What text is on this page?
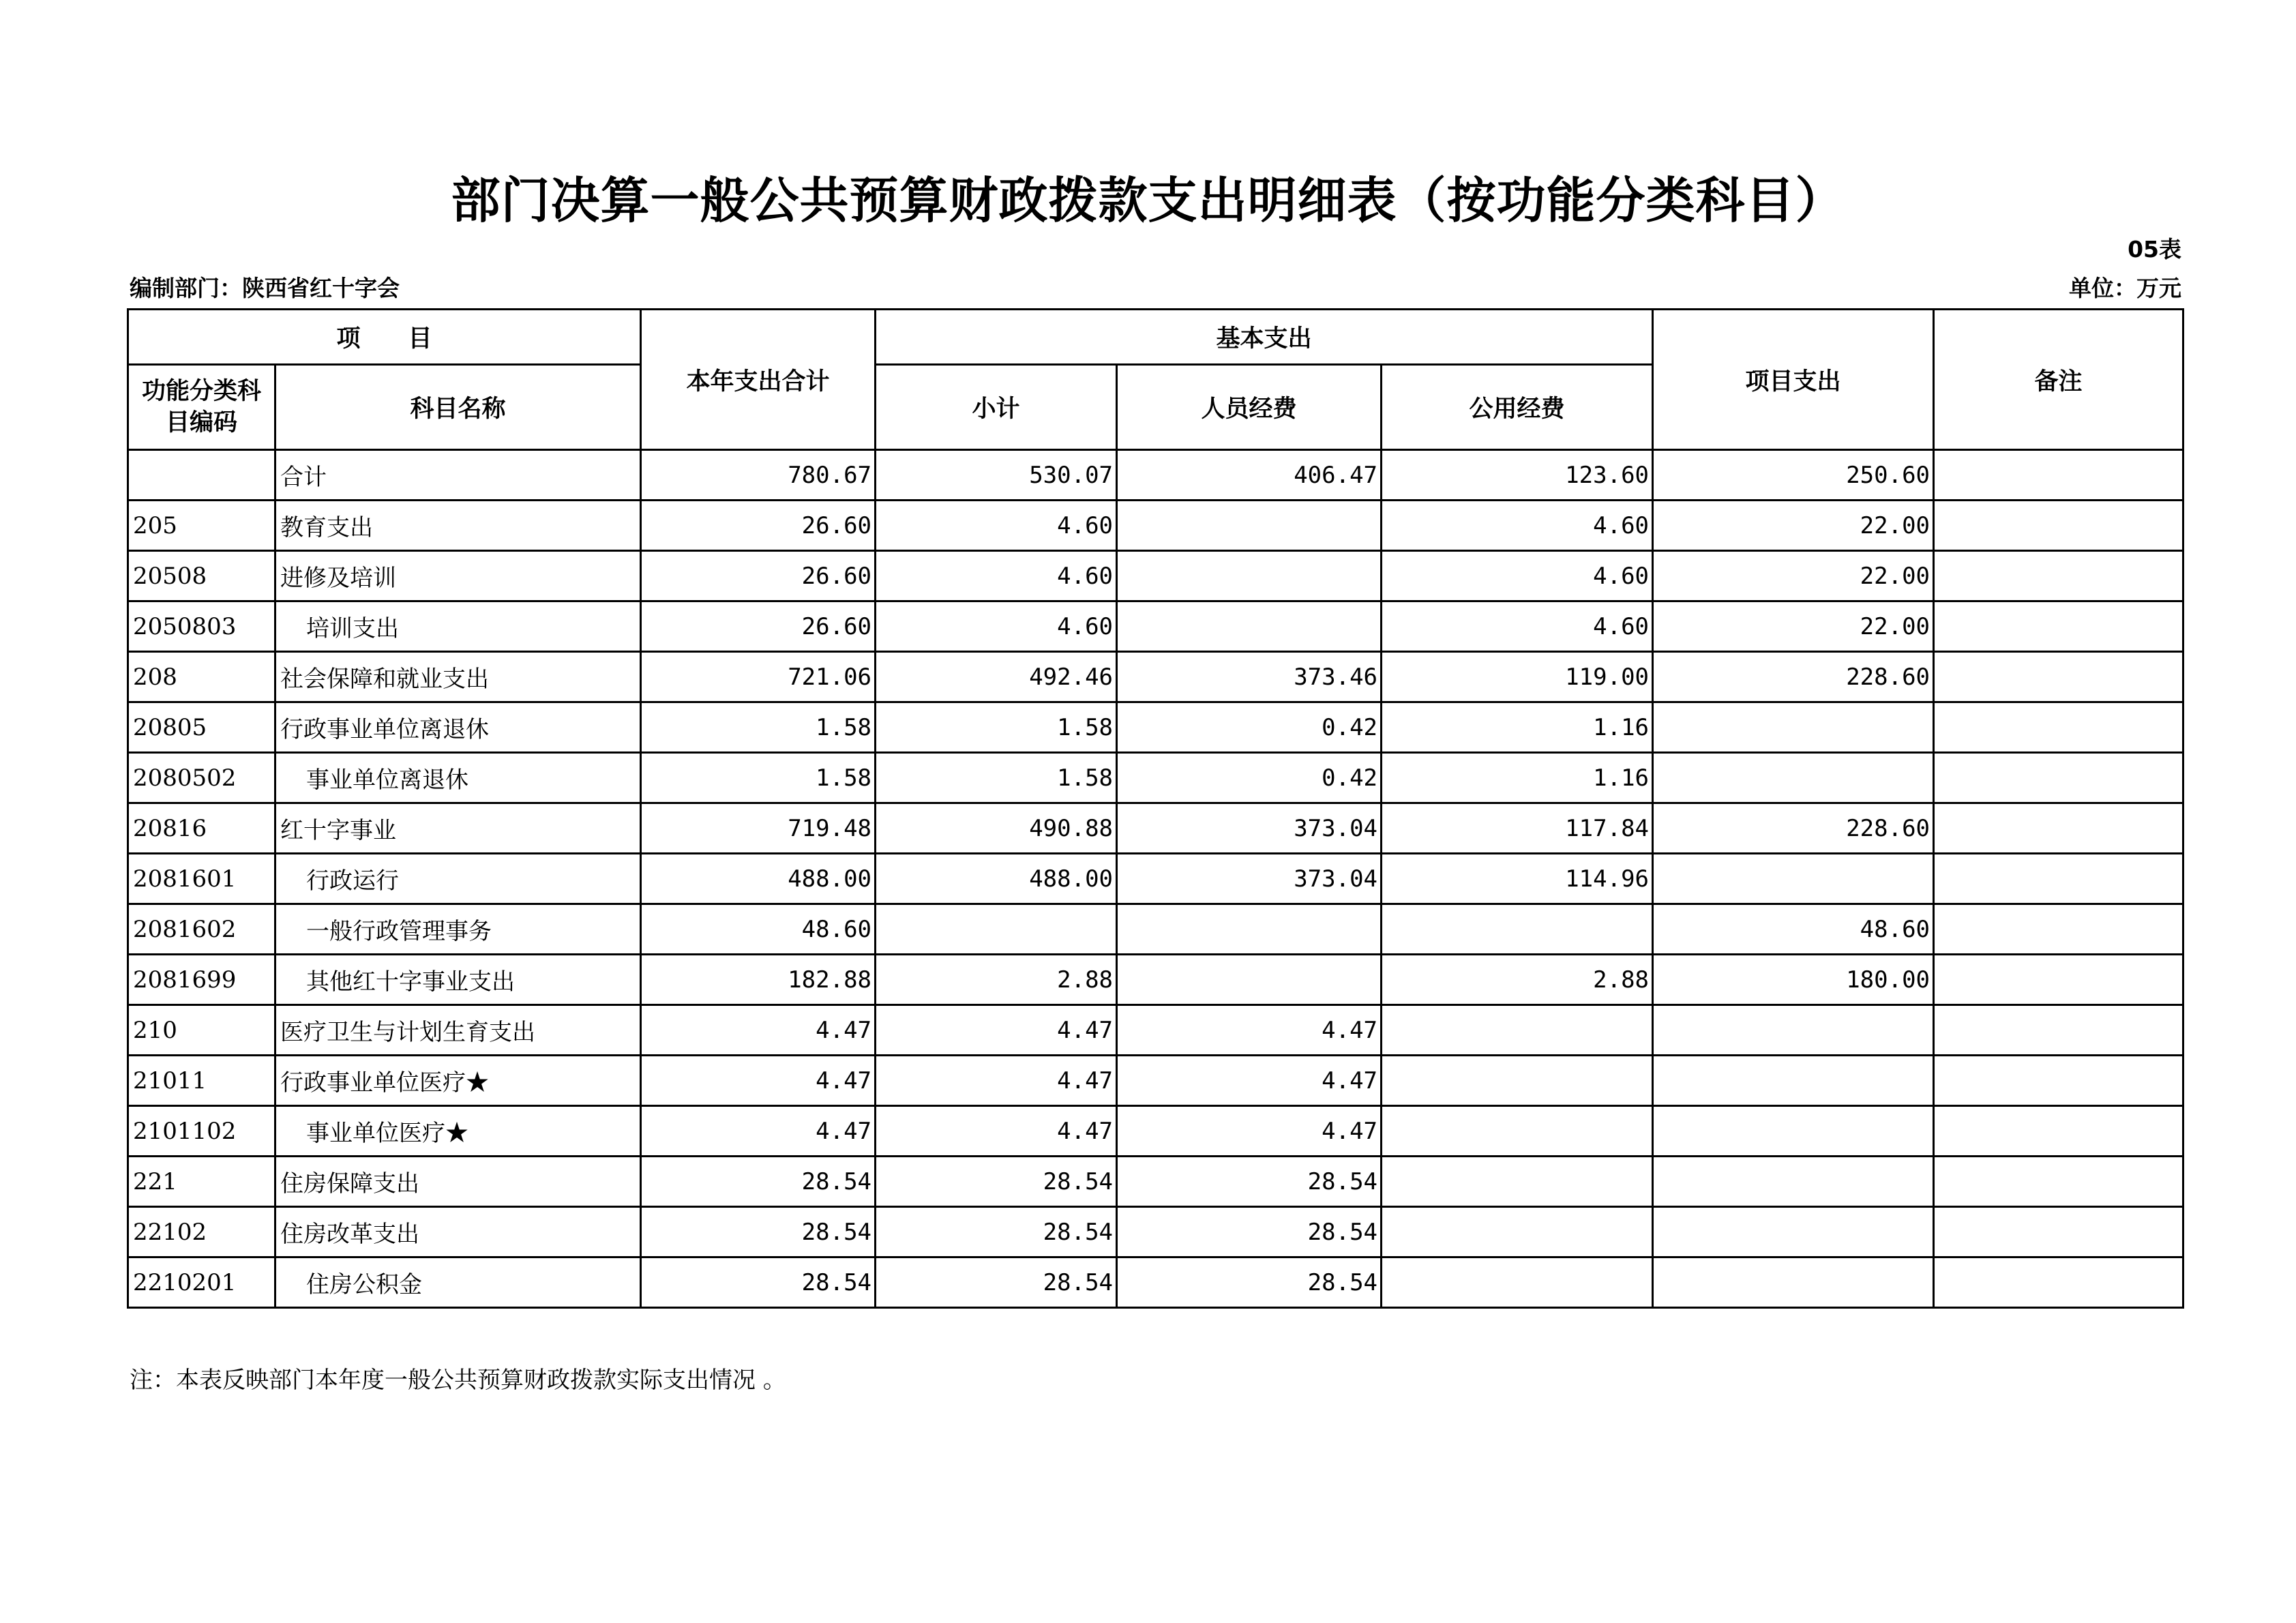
部门决算一般公共预算财政拨款支出明细表（按功能分类科目）
05表
编制部门：陕西省红十字会	单位：万元
项　　目		本年支出合计	基本支出			项目支出	备注
功能分类科目编码	科目名称		小计	人员经费	公用经费		
	合计	780.67	530.07	406.47	123.60	250.60	
205	教育支出	26.60	4.60		4.60	22.00	
20508	进修及培训	26.60	4.60		4.60	22.00	
2050803	培训支出	26.60	4.60		4.60	22.00	
208	社会保障和就业支出	721.06	492.46	373.46	119.00	228.60	
20805	行政事业单位离退休	1.58	1.58	0.42	1.16		
2080502	事业单位离退休	1.58	1.58	0.42	1.16		
20816	红十字事业	719.48	490.88	373.04	117.84	228.60	
2081601	行政运行	488.00	488.00	373.04	114.96		
2081602	一般行政管理事务	48.60				48.60	
2081699	其他红十字事业支出	182.88	2.88		2.88	180.00	
210	医疗卫生与计划生育支出	4.47	4.47	4.47			
21011	行政事业单位医疗★	4.47	4.47	4.47			
2101102	事业单位医疗★	4.47	4.47	4.47			
221	住房保障支出	28.54	28.54	28.54			
22102	住房改革支出	28.54	28.54	28.54			
2210201	住房公积金	28.54	28.54	28.54			
注：本表反映部门本年度一般公共预算财政拨款实际支出情况 。
